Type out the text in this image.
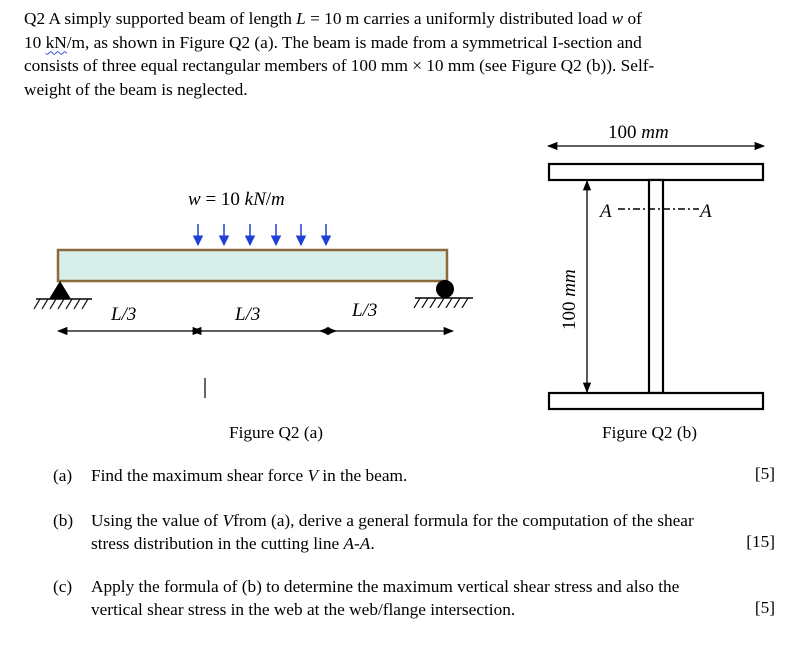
Q2 A simply supported beam of length L = 10 m carries a uniformly distributed load w of
10 kN/m, as shown in Figure Q2 (a). The beam is made from a symmetrical I-section and
consists of three equal rectangular members of 100 mm × 10 mm (see Figure Q2 (b)). Self-
weight of the beam is neglected.
w = 10 kN/m
L/3	L/3	L/3
100 mm
100 mm
A	A
Figure Q2 (a)	Figure Q2 (b)
(a) Find the maximum shear force V in the beam.	[5]
(b) Using the value of Vfrom (a), derive a general formula for the computation of the shear
stress distribution in the cutting line A-A.	[15]
(c) Apply the formula of (b) to determine the maximum vertical shear stress and also the
vertical shear stress in the web at the web/flange intersection.	[5]
